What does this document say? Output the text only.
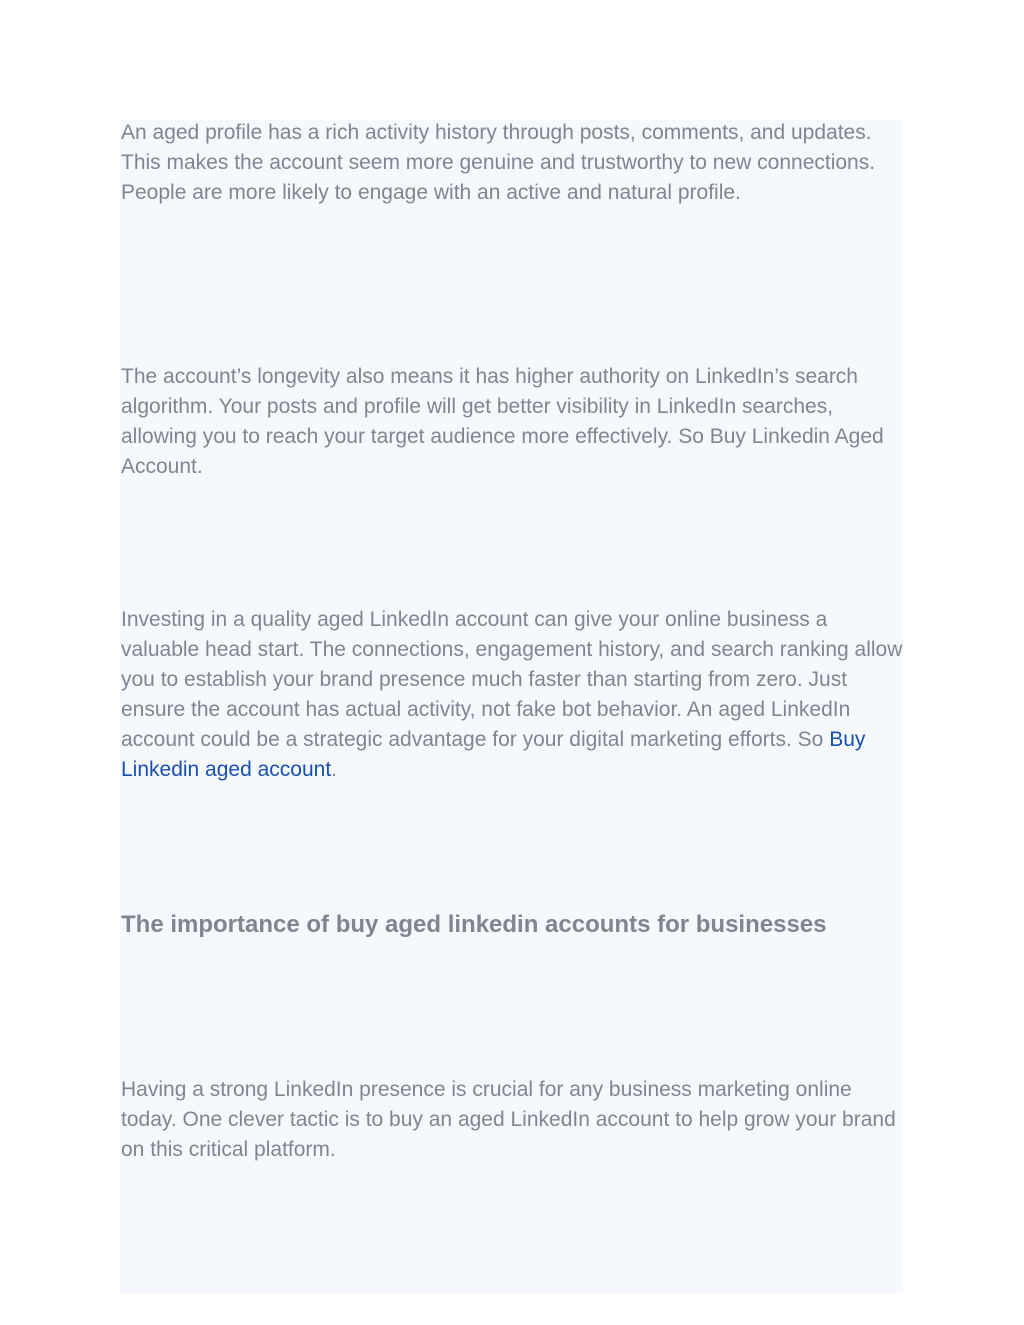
An aged profile has a rich activity history through posts, comments, and updates. This makes the account seem more genuine and trustworthy to new connections. People are more likely to engage with an active and natural profile.

The account’s longevity also means it has higher authority on LinkedIn’s search algorithm. Your posts and profile will get better visibility in LinkedIn searches, allowing you to reach your target audience more effectively. So Buy Linkedin Aged Account.

Investing in a quality aged LinkedIn account can give your online business a valuable head start. The connections, engagement history, and search ranking allow you to establish your brand presence much faster than starting from zero. Just ensure the account has actual activity, not fake bot behavior. An aged LinkedIn account could be a strategic advantage for your digital marketing efforts. So Buy Linkedin aged account.

The importance of buy aged linkedin accounts for businesses

Having a strong LinkedIn presence is crucial for any business marketing online today. One clever tactic is to buy an aged LinkedIn account to help grow your brand on this critical platform.
